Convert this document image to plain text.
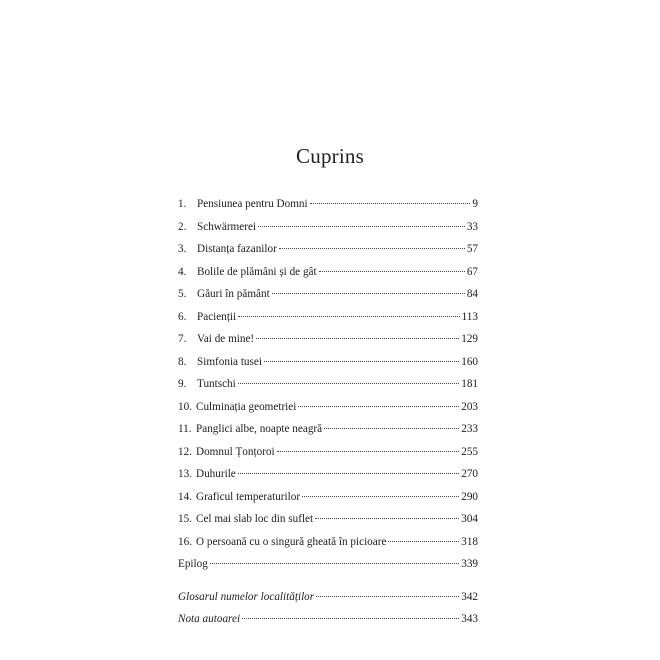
Cuprins
1. Pensiunea pentru Domni	9
2. Schwärmerei	33
3. Distanța fazanilor	57
4. Bolile de plămâni și de gât	67
5. Găuri în pământ	84
6. Pacienții	113
7. Vai de mine!	129
8. Simfonia tusei	160
9. Tuntschi	181
10. Culminația geometriei	203
11. Panglici albe, noapte neagră	233
12. Domnul Țonțoroi	255
13. Duhurile	270
14. Graficul temperaturilor	290
15. Cel mai slab loc din suflet	304
16. O persoană cu o singură gheată în picioare	318
Epilog	339
Glosarul numelor localităților	342
Nota autoarei	343
